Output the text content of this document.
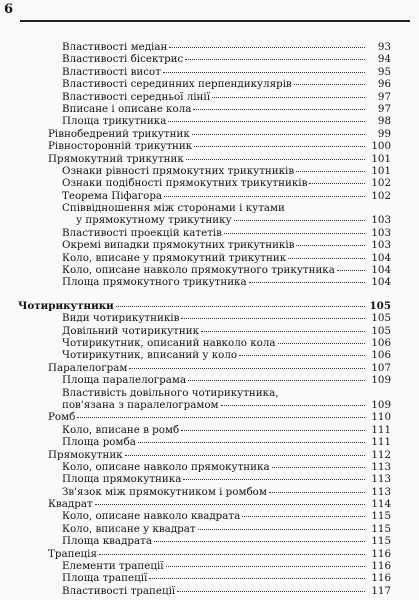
6
Властивості медіан	93
Властивості бісектрис	94
Властивості висот	95
Властивості серединних перпендикулярів	96
Властивості середньої лінії	97
Вписане і описане кола	97
Площа трикутника	98
Рівнобедрений трикутник	99
Рівносторонній трикутник	100
Прямокутний трикутник	101
Ознаки рівності прямокутних трикутників	101
Ознаки подібності прямокутних трикутників	102
Теорема Піфагора	102
Співвідношення між сторонами і кутами
у прямокутному трикутнику	103
Властивості проекцій катетів	103
Окремі випадки прямокутних трикутників	103
Коло, вписане у прямокутний трикутник	104
Коло, описане навколо прямокутного трикутника	104
Площа прямокутного трикутника	104
Чотирикутники	105
Види чотирикутників	105
Довільний чотирикутник	105
Чотирикутник, описаний навколо кола	106
Чотирикутник, вписаний у коло	106
Паралелограм	107
Площа паралелограма	109
Властивість довільного чотирикутника,
пов'язана з паралелограмом	109
Ромб	110
Коло, вписане в ромб	111
Площа ромба	111
Прямокутник	112
Коло, описане навколо прямокутника	113
Площа прямокутника	113
Зв'язок між прямокутником і ромбом	113
Квадрат	114
Коло, описане навколо квадрата	115
Коло, вписане у квадрат	115
Площа квадрата	115
Трапеція	116
Елементи трапеції	116
Площа трапеції	116
Властивості трапеції	117
